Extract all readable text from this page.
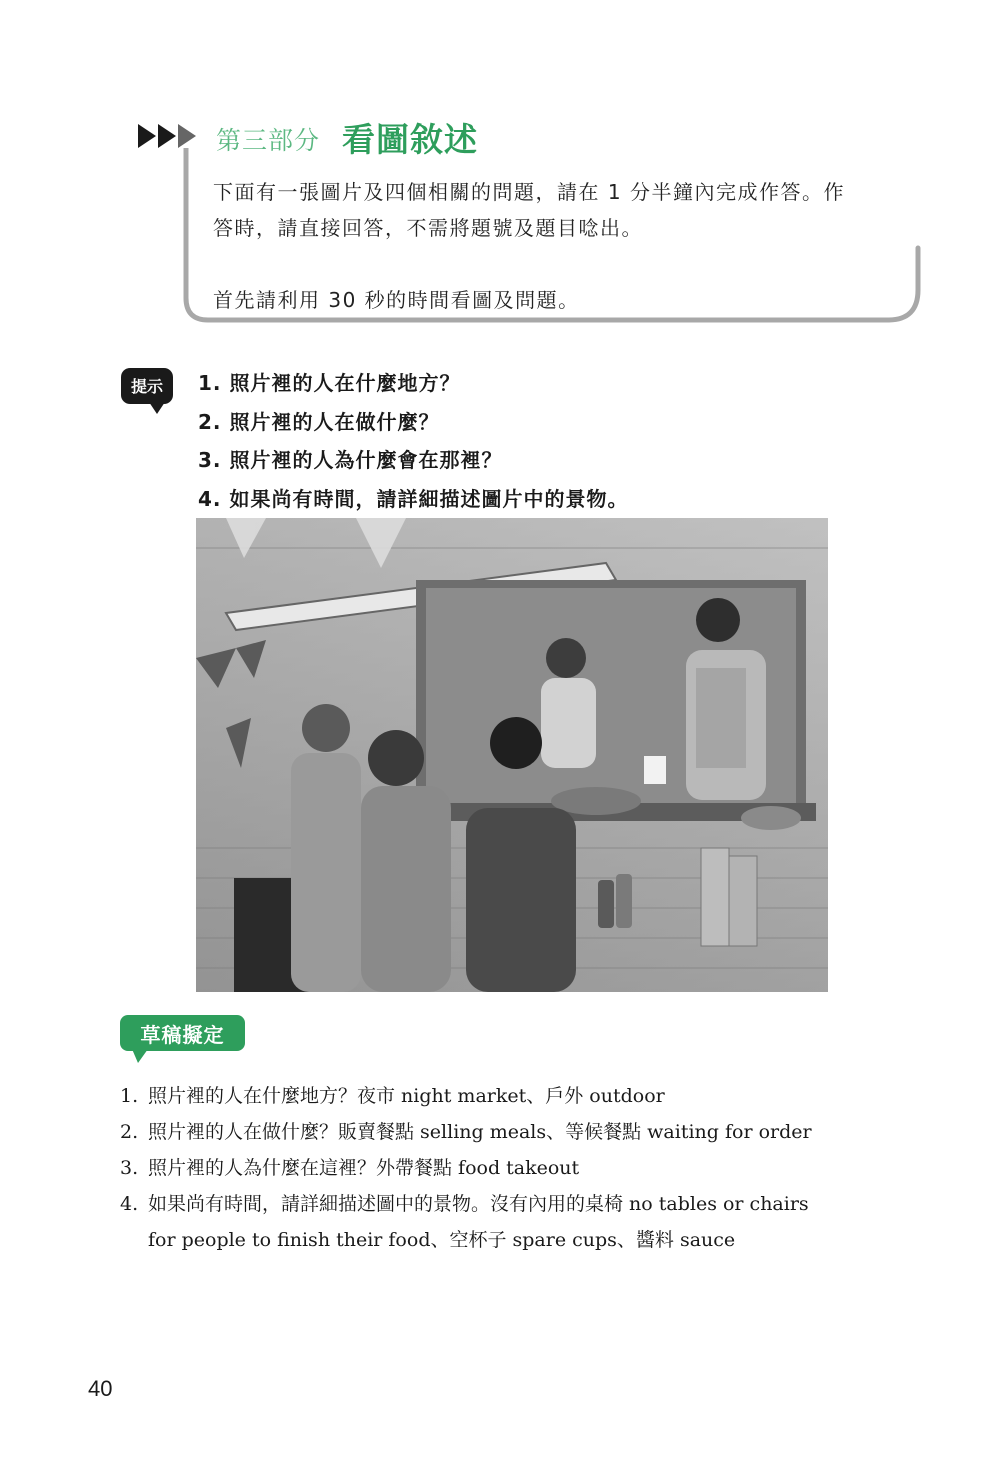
第三部分 看圖敘述
下面有一張圖片及四個相關的問題，請在 1 分半鐘內完成作答。作
答時，請直接回答，不需將題號及題目唸出。
首先請利用 30 秒的時間看圖及問題。
提示	1. 照片裡的人在什麼地方？
2. 照片裡的人在做什麼？
3. 照片裡的人為什麼會在那裡？
4. 如果尚有時間，請詳細描述圖片中的景物。
草稿擬定
1. 照片裡的人在什麼地方？夜市 night market、戶外 outdoor
2. 照片裡的人在做什麼？販賣餐點 selling meals、等候餐點 waiting for order
3. 照片裡的人為什麼在這裡？外帶餐點 food takeout
4. 如果尚有時間，請詳細描述圖中的景物。沒有內用的桌椅 no tables or chairs
for people to finish their food、空杯子 spare cups、醬料 sauce
40
